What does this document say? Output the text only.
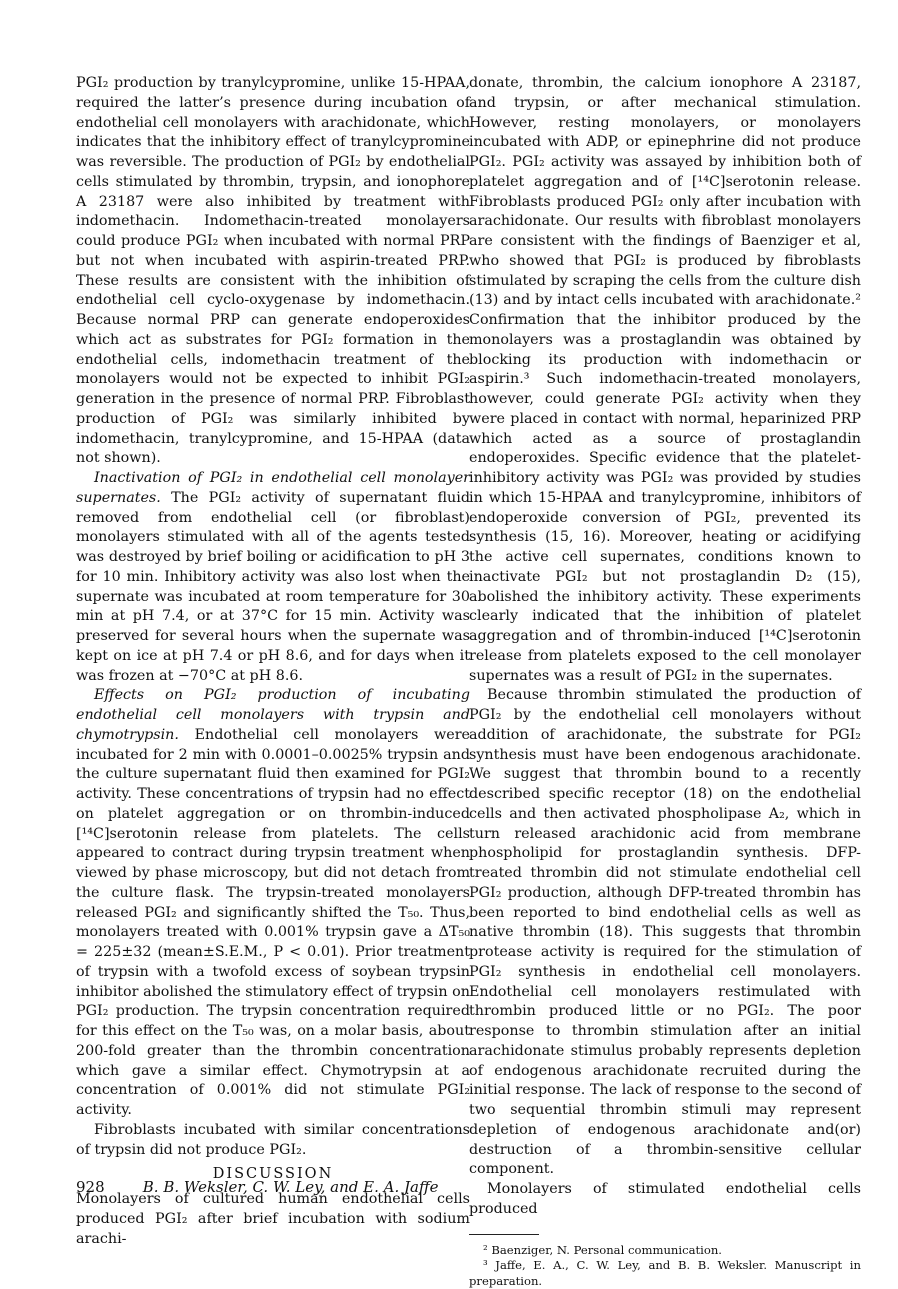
PGI₂ production by tranylcypromine, unlike 15-HPAA, required the latter’s presence during incubation of endothelial cell monolayers with arachidonate, which indicates that the inhibitory effect of tranylcypromine was reversible. The production of PGI₂ by endothelial cells stimulated by thrombin, trypsin, and ionophore A 23187 were also inhibited by treatment with indomethacin. Indomethacin-treated monolayers could produce PGI₂ when incubated with normal PRP but not when incubated with aspirin-treated PRP. These results are consistent with the inhibition of endothelial cell cyclo-oxygenase by indomethacin. Because normal PRP can generate endoperoxides which act as substrates for PGI₂ formation in the endothelial cells, indomethacin treatment of the monolayers would not be expected to inhibit PGI₂ generation in the presence of normal PRP. Fibroblast production of PGI₂ was similarly inhibited by indomethacin, tranylcypromine, and 15-HPAA (data not shown).

Inactivation of PGI₂ in endothelial cell monolayer supernates. The PGI₂ activity of supernatant fluid removed from endothelial cell (or fibroblast) monolayers stimulated with all of the agents tested was destroyed by brief boiling or acidification to pH 3 for 10 min. Inhibitory activity was also lost when the supernate was incubated at room temperature for 30 min at pH 7.4, or at 37°C for 15 min. Activity was preserved for several hours when the supernate was kept on ice at pH 7.4 or pH 8.6, and for days when it was frozen at −70°C at pH 8.6.

Effects on PGI₂ production of incubating endothelial cell monolayers with trypsin and chymotrypsin. Endothelial cell monolayers were incubated for 2 min with 0.0001–0.0025% trypsin and the culture supernatant fluid then examined for PGI₂ activity. These concentrations of trypsin had no effect on platelet aggregation or on thrombin-induced [¹⁴C]serotonin release from platelets. The cells appeared to contract during trypsin treatment when viewed by phase microscopy, but did not detach from the culture flask. The trypsin-treated monolayers released PGI₂ and significantly shifted the T₅₀. Thus, monolayers treated with 0.001% trypsin gave a ΔT₅₀ = 225±32 (mean±S.E.M., P < 0.01). Prior treatment of trypsin with a twofold excess of soybean trypsin inhibitor abolished the stimulatory effect of trypsin on PGI₂ production. The trypsin concentration required for this effect on the T₅₀ was, on a molar basis, about 200-fold greater than the thrombin concentration which gave a similar effect. Chymotrypsin at a concentration of 0.001% did not stimulate PGI₂ activity.

Fibroblasts incubated with similar concentrations of trypsin did not produce PGI₂.

DISCUSSION

Monolayers of cultured human endothelial cells produced PGI₂ after brief incubation with sodium arachi-

donate, thrombin, the calcium ionophore A 23187, and trypsin, or after mechanical stimulation. However, resting monolayers, or monolayers incubated with ADP, or epinephrine did not produce PGI₂. PGI₂ activity was assayed by inhibition both of platelet aggregation and of [¹⁴C]serotonin release. Fibroblasts produced PGI₂ only after incubation with arachidonate. Our results with fibroblast monolayers are consistent with the findings of Baenziger et al, who showed that PGI₂ is produced by fibroblasts stimulated by scraping the cells from the culture dish (13) and by intact cells incubated with arachidonate.² Confirmation that the inhibitor produced by the monolayers was a prostaglandin was obtained by blocking its production with indomethacin or aspirin.³ Such indomethacin-treated monolayers, however, could generate PGI₂ activity when they were placed in contact with normal, heparinized PRP which acted as a source of prostaglandin endoperoxides. Specific evidence that the platelet-inhibitory activity was PGI₂ was provided by studies in which 15-HPAA and tranylcypromine, inhibitors of endoperoxide conversion of PGI₂, prevented its synthesis (15, 16). Moreover, heating or acidifying the active cell supernates, conditions known to inactivate PGI₂ but not prostaglandin D₂ (15), abolished the inhibitory activity. These experiments clearly indicated that the inhibition of platelet aggregation and of thrombin-induced [¹⁴C]serotonin release from platelets exposed to the cell monolayer supernates was a result of PGI₂ in the supernates.

Because thrombin stimulated the production of PGI₂ by the endothelial cell monolayers without addition of arachidonate, the substrate for PGI₂ synthesis must have been endogenous arachidonate. We suggest that thrombin bound to a recently described specific receptor (18) on the endothelial cells and then activated phospholipase A₂, which in turn released arachidonic acid from membrane phospholipid for prostaglandin synthesis. DFP-treated thrombin did not stimulate endothelial cell PGI₂ production, although DFP-treated thrombin has been reported to bind endothelial cells as well as native thrombin (18). This suggests that thrombin protease activity is required for the stimulation of PGI₂ synthesis in endothelial cell monolayers. Endothelial cell monolayers restimulated with thrombin produced little or no PGI₂. The poor response to thrombin stimulation after an initial arachidonate stimulus probably represents depletion of endogenous arachidonate recruited during the initial response. The lack of response to the second of two sequential thrombin stimuli may represent depletion of endogenous arachidonate and(or) destruction of a thrombin-sensitive cellular component.

Monolayers of stimulated endothelial cells produced

² Baenziger, N. Personal communication.

³ Jaffe, E. A., C. W. Ley, and B. B. Weksler. Manuscript in preparation.

928	B. B. Weksler, C. W. Ley, and E. A. Jaffe
